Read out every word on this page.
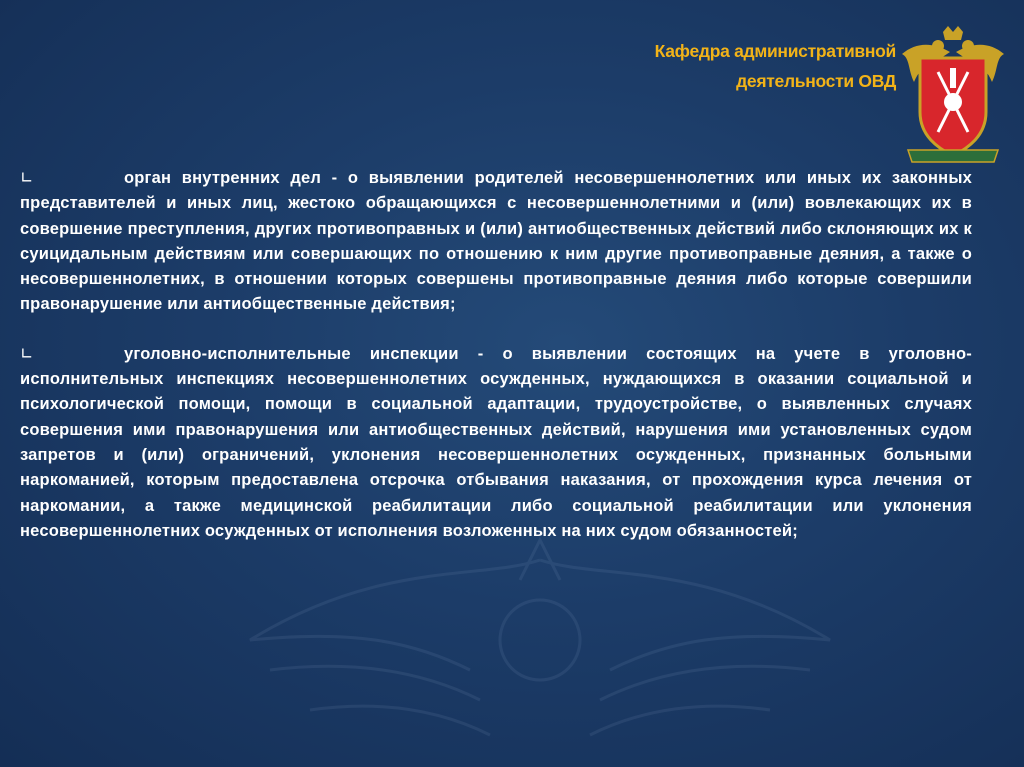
Кафедра административной
деятельности ОВД
∟	орган внутренних дел - о выявлении родителей несовершеннолетних или иных их законных представителей и иных лиц, жестоко обращающихся с несовершеннолетними и (или) вовлекающих их в совершение преступления, других противоправных и (или) антиобщественных действий либо склоняющих их к суицидальным действиям или совершающих по отношению к ним другие противоправные деяния, а также о несовершеннолетних, в отношении которых совершены противоправные деяния либо которые совершили правонарушение или антиобщественные действия;

∟	уголовно-исполнительные инспекции - о выявлении состоящих на учете в уголовно-исполнительных инспекциях несовершеннолетних осужденных, нуждающихся в оказании социальной и психологической помощи, помощи в социальной адаптации, трудоустройстве, о выявленных случаях совершения ими правонарушения или антиобщественных действий, нарушения ими установленных судом запретов и (или) ограничений, уклонения несовершеннолетних осужденных, признанных больными наркоманией, которым предоставлена отсрочка отбывания наказания, от прохождения курса лечения от наркомании, а также медицинской реабилитации либо социальной реабилитации или уклонения несовершеннолетних осужденных от исполнения возложенных на них судом обязанностей;
